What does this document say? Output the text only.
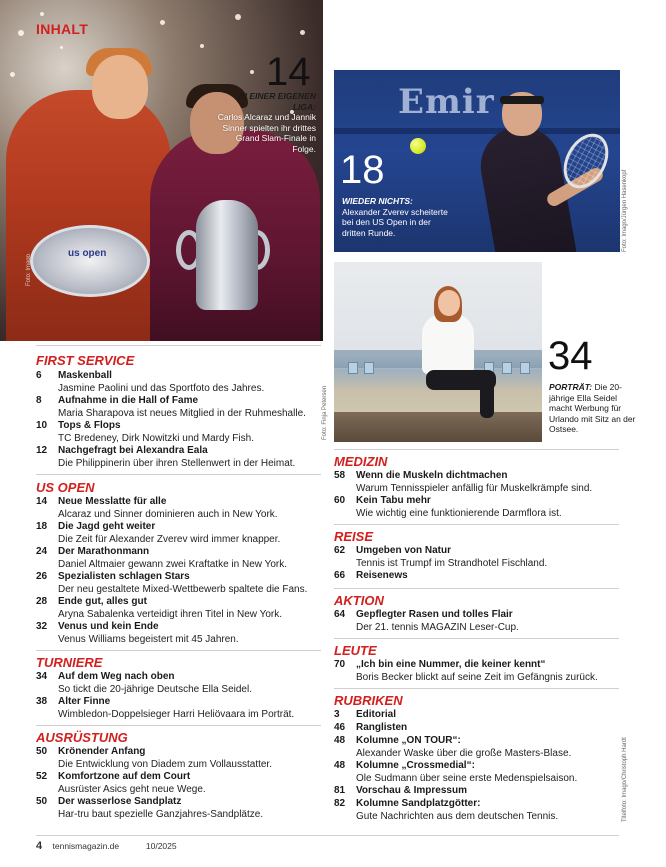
us open
Foto: Imago
INHALT
14
IN EINER EIGENEN LIGA:
Carlos Alcaraz und Jannik Sinner spielten ihr drittes Grand Slam-Finale in Folge.
Emir
18
WIEDER NICHTS:
Alexander Zverev scheiterte bei den US Open in der dritten Runde.	Foto: Imago/Jürgen Hasenkopf
Foto: Finja Petersen
34
PORTRÄT: Die 20-jährige Ella Seidel macht Werbung für Urlando mit Sitz an der Ostsee.
FIRST SERVICE
6 Maskenball
Jasmine Paolini und das Sportfoto des Jahres.
8 Aufnahme in die Hall of Fame
Maria Sharapova ist neues Mitglied in der Ruhmeshalle.
10 Tops & Flops
TC Bredeney, Dirk Nowitzki und Mardy Fish.
12 Nachgefragt bei Alexandra Eala
Die Philippinerin über ihren Stellenwert in der Heimat.
US OPEN
14 Neue Messlatte für alle
Alcaraz und Sinner dominieren auch in New York.
18 Die Jagd geht weiter
Die Zeit für Alexander Zverev wird immer knapper.
24 Der Marathonmann
Daniel Altmaier gewann zwei Kraftatke in New York.
26 Spezialisten schlagen Stars
Der neu gestaltete Mixed-Wettbewerb spaltete die Fans.
28 Ende gut, alles gut
Aryna Sabalenka verteidigt ihren Titel in New York.
32 Venus und kein Ende
Venus Williams begeistert mit 45 Jahren.
TURNIERE
34 Auf dem Weg nach oben
So tickt die 20-jährige Deutsche Ella Seidel.
38 Alter Finne
Wimbledon-Doppelsieger Harri Heliövaara im Porträt.
AUSRÜSTUNG
50 Krönender Anfang
Die Entwicklung von Diadem zum Vollausstatter.
52 Komfortzone auf dem Court
Ausrüster Asics geht neue Wege.
50 Der wasserlose Sandplatz
Har-tru baut spezielle Ganzjahres-Sandplätze.
MEDIZIN
58 Wenn die Muskeln dichtmachen
Warum Tennisspieler anfällig für Muskelkrämpfe sind.
60 Kein Tabu mehr
Wie wichtig eine funktionierende Darmflora ist.
REISE
62 Umgeben von Natur
Tennis ist Trumpf im Strandhotel Fischland.
66 Reisenews
AKTION
64 Gepflegter Rasen und tolles Flair
Der 21. tennis MAGAZIN Leser-Cup.
LEUTE
70 „Ich bin eine Nummer, die keiner kennt“
Boris Becker blickt auf seine Zeit im Gefängnis zurück.
RUBRIKEN
3 Editorial
46 Ranglisten
48 Kolumne „ON TOUR“:
Alexander Waske über die große Masters-Blase.
48 Kolumne „Crossmedial“:
Ole Sudmann über seine erste Medenspielsaison.
81 Vorschau & Impressum
82 Kolumne Sandplatzgötter:
Gute Nachrichten aus dem deutschen Tennis.	Titelfoto: Imago/Christoph Hardt
4 tennismagazin.de	10/2025
